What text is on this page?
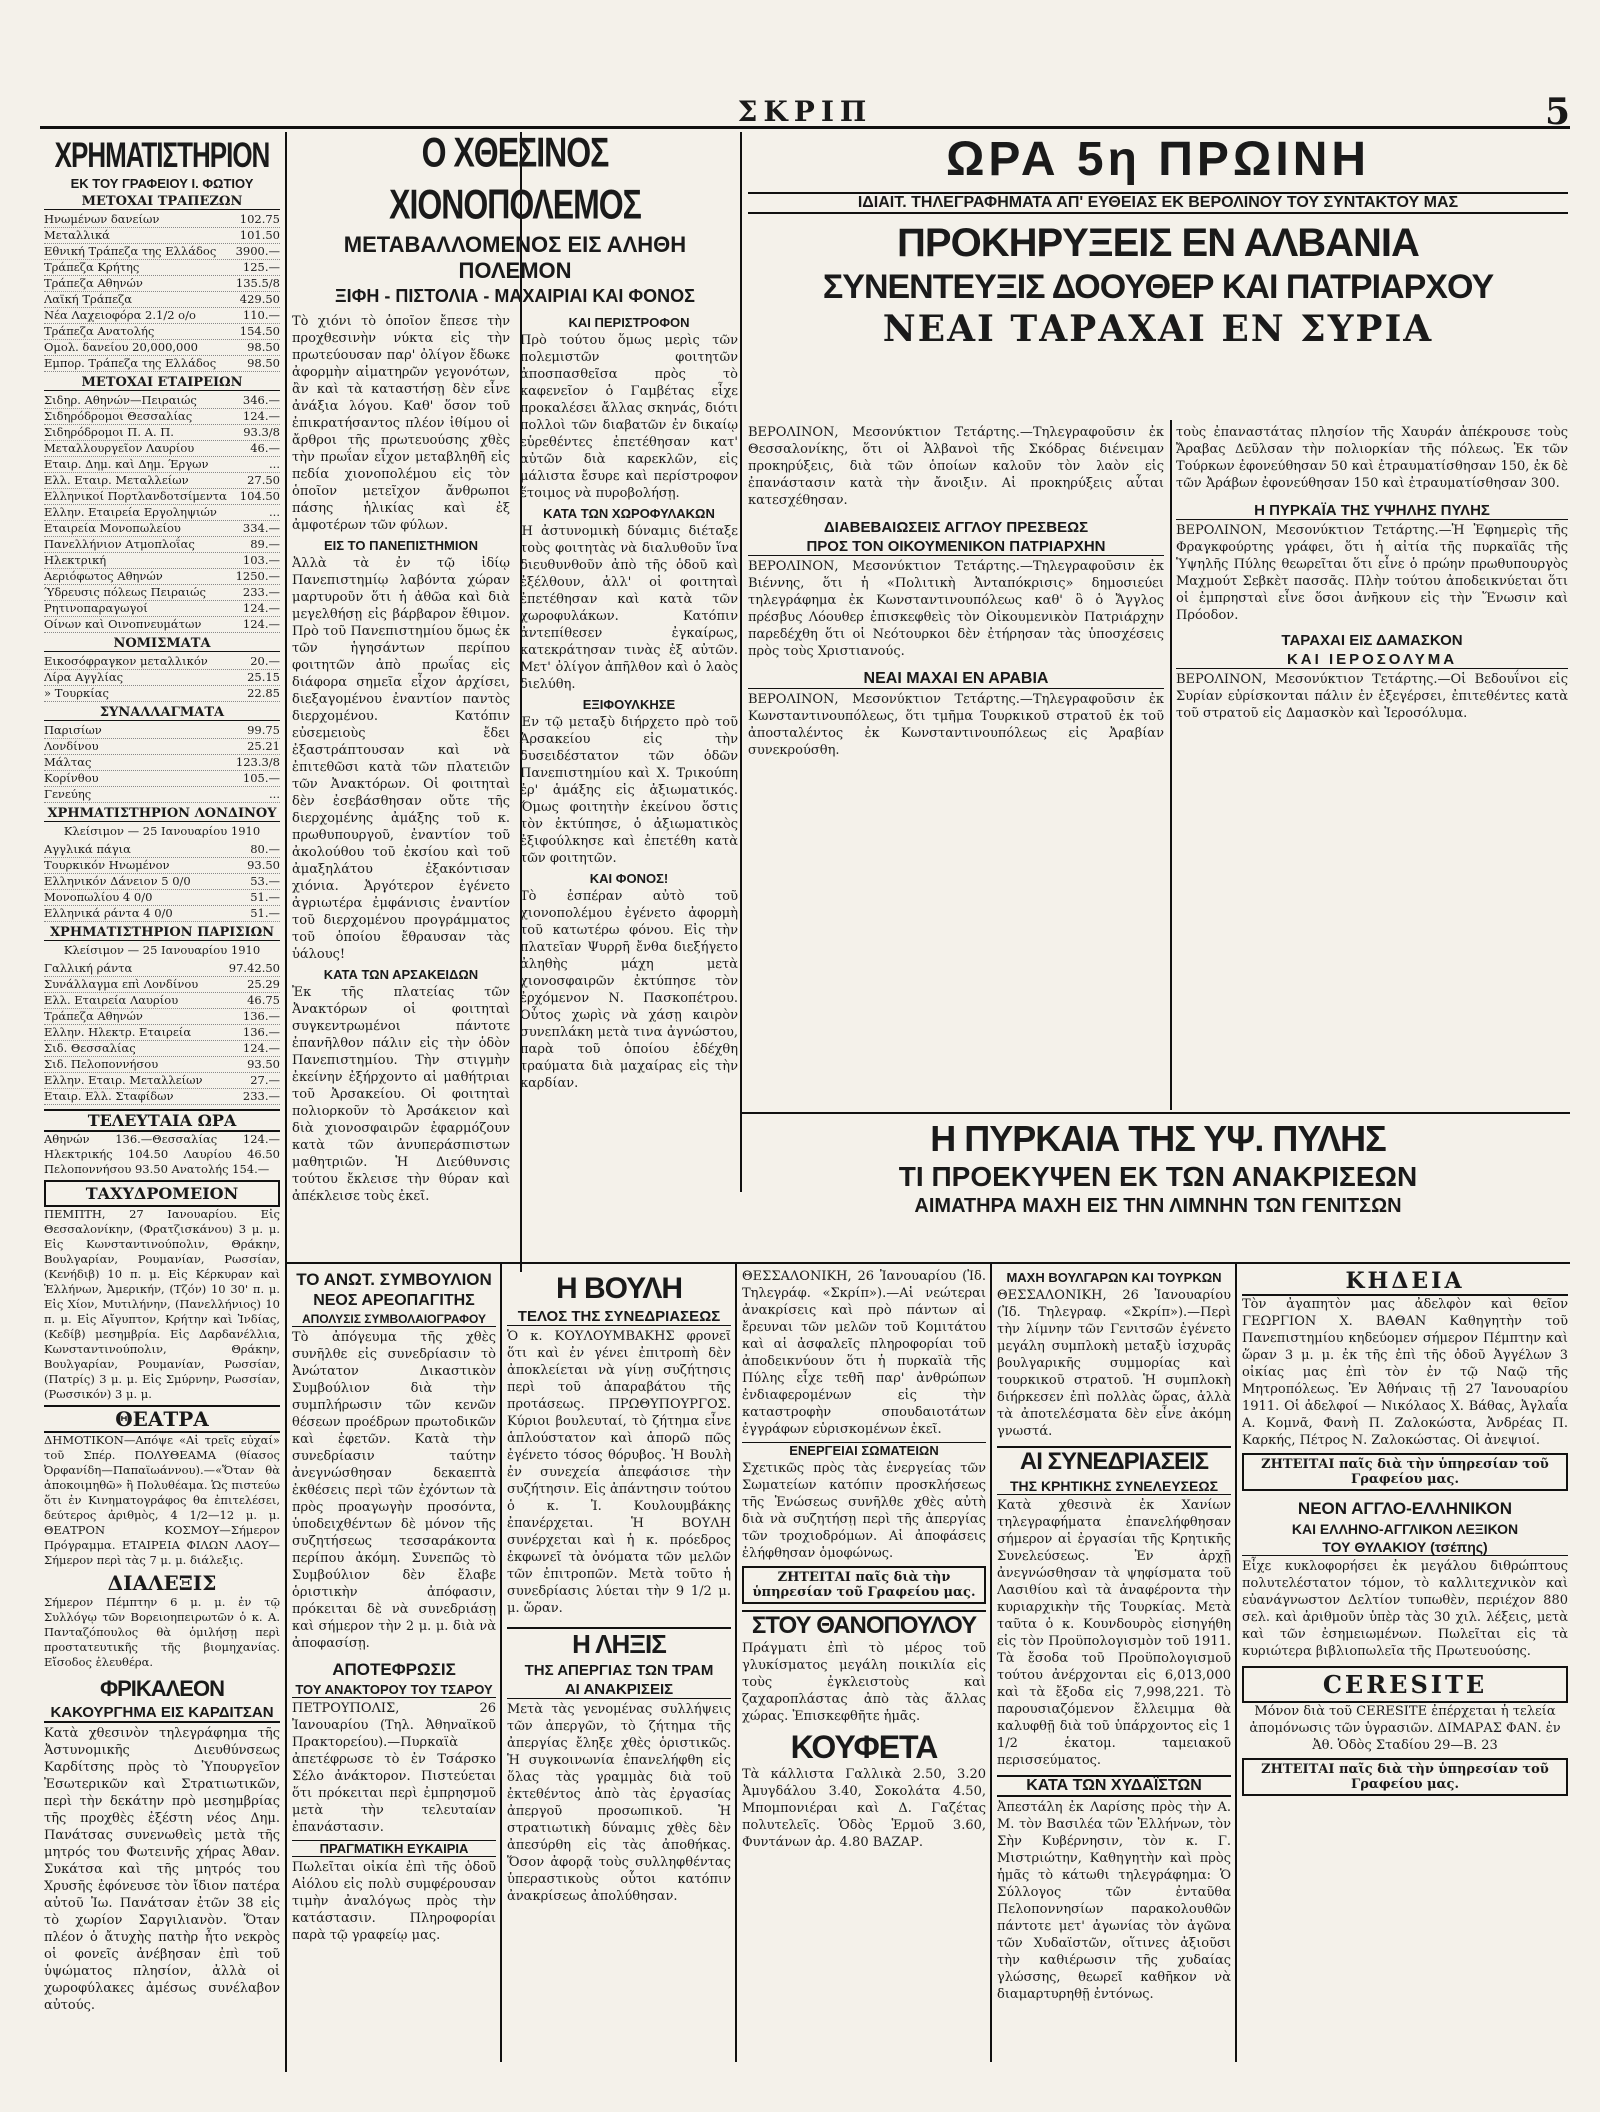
ΣΚΡΙΠ	5
ΧΡΗΜΑΤΙΣΤΗΡΙΟΝ
ΕΚ ΤΟΥ ΓΡΑΦΕΙΟΥ Ι. ΦΩΤΙΟΥ
ΜΕΤΟΧΑΙ ΤΡΑΠΕΖΩΝ
Ηνωμένων δανείων	102.75
Μεταλλικά	101.50
Εθνική Τράπεζα της Ελλάδος 3900.—
Τράπεζα Κρήτης	125.—
Τράπεζα Αθηνών	135.5/8
Λαϊκή Τράπεζα	429.50
Νέα Λαχειοφόρα 2.1/2 ο/ο	110.—
Τράπεζα Ανατολής	154.50
Ομολ. δανείου 20,000,000	98.50
Εμπορ. Τράπεζα της Ελλάδος	98.50
ΜΕΤΟΧΑΙ ΕΤΑΙΡΕΙΩΝ
Σιδηρ. Αθηνών—Πειραιώς	346.—
Σιδηρόδρομοι Θεσσαλίας	124.—
Σιδηρόδρομοι Π. Α. Π.	93.3/8
Μεταλλουργεῖον Λαυρίου	46.—
Εταιρ. Δημ. καὶ Δημ. Έργων	...
Ελλ. Εταιρ. Μεταλλείων	27.50
Ελληνικοί Πορτλανδοτσίμεντα 104.50
Ελλην. Εταιρεία Εργοληψιών	...
Εταιρεία Μονοπωλείου	334.—
Πανελλήνιον Ατμοπλοΐας	89.—
Ηλεκτρική	103.—
Αεριόφωτος Αθηνών	1250.—
Ύδρευσις πόλεως Πειραιώς	233.—
Ρητινοπαραγωγοί	124.—
Οίνων καὶ Οινοπνευμάτων	124.—
ΝΟΜΙΣΜΑΤΑ
Εικοσόφραγκον μεταλλικόν	20.—
Λίρα Αγγλίας	25.15
» Τουρκίας	22.85
ΣΥΝΑΛΛΑΓΜΑΤΑ
Παρισίων	99.75
Λονδίνου	25.21
Μάλτας	123.3/8
Κορίνθου	105.—
Γενεύης	...
ΧΡΗΜΑΤΙΣΤΗΡΙΟΝ ΛΟΝΔΙΝΟΥ
Κλείσιμον — 25 Ιανουαρίου 1910
Αγγλικά πάγια	80.—
Τουρκικόν Ηνωμένον	93.50
Ελληνικόν Δάνειον 5 0/0	53.—
Μονοπωλίου 4 0/0	51.—
Ελληνικά ράντα 4 0/0	51.—
ΧΡΗΜΑΤΙΣΤΗΡΙΟΝ ΠΑΡΙΣΙΩΝ
Κλείσιμον — 25 Ιανουαρίου 1910
Γαλλική ράντα	97.42.50
Συνάλλαγμα επὶ Λονδίνου	25.29
Ελλ. Εταιρεία Λαυρίου	46.75
Τράπεζα Αθηνών	136.—
Ελλην. Ηλεκτρ. Εταιρεία	136.—
Σιδ. Θεσσαλίας	124.—
Σιδ. Πελοποννήσου	93.50
Ελλην. Εταιρ. Μεταλλείων	27.—
Εταιρ. Ελλ. Σταφίδων	233.—
ΤΕΛΕΥΤΑΙΑ ΩΡΑ

Αθηνών 136.—Θεσσαλίας 124.—Ηλεκτρικής 104.50 Λαυρίου 46.50 Πελοποννήσου 93.50 Ανατολής 154.—

ΤΑΧΥΔΡΟΜΕΙΟΝ

ΠΕΜΠΤΗ, 27 Ιανουαρίου. Εἰς Θεσσαλονίκην, (Φρατζισκάνου) 3 μ. μ. Εἰς Κωνσταντινούπολιν, Θράκην, Βουλγαρίαν, Ρουμανίαν, Ρωσσίαν, (Κενήδιβ) 10 π. μ. Εἰς Κέρκυραν καὶ Ἑλλήνων, Ἀμερικήν, (Τζόν) 10 30' π. μ. Εἰς Χίον, Μυτιλήνην, (Πανελλήνιος) 10 π. μ. Εἰς Αἴγυπτον, Κρήτην καὶ Ἰνδίας, (Κεδίβ) μεσημβρία. Εἰς Δαρδανέλλια, Κωνσταντινούπολιν, Θράκην, Βουλγαρίαν, Ρουμανίαν, Ρωσσίαν, (Πατρίς) 3 μ. μ. Εἰς Σμύρνην, Ρωσσίαν, (Ρωσσικόν) 3 μ. μ.

ΘΕΑΤΡΑ

ΔΗΜΟΤΙΚΟΝ—Απόψε «Αἱ τρεῖς εὐχαί» τοῦ Σπέρ. ΠΟΛΥΘΕΑΜΑ (θίασος Ὀρφανίδη—Παπαϊωάννου).—«Ὅταν θὰ ἀποκοιμηθῶ» ἢ Πολυθέαμα. Ὡς πιστεύω ὅτι ἐν Κινηματογράφος θα ἐπιτελέσει, δεύτερος ἀριθμὸς, 4 1/2—12 μ. μ. ΘΕΑΤΡΟΝ ΚΟΣΜΟΥ—Σήμερον Πρόγραμμα. ΕΤΑΙΡΕΙΑ ΦΙΛΩΝ ΛΑΟΥ—Σήμερον περὶ τὰς 7 μ. μ. διάλεξις.

ΔΙΑΛΕΞΙΣ

Σήμερον Πέμπτην 6 μ. μ. ἐν τῷ Συλλόγῳ τῶν Βορειοηπειρωτῶν ὁ κ. Α. Πανταζόπουλος θὰ ὁμιλήσῃ περὶ προστατευτικῆς τῆς βιομηχανίας. Εἴσοδος ἐλευθέρα.

ΦΡΙΚΑΛΕΟΝ
ΚΑΚΟΥΡΓΗΜΑ ΕΙΣ ΚΑΡΔΙΤΣΑΝ

Κατὰ χθεσινὸν τηλεγράφημα τῆς Ἀστυνομικῆς Διευθύνσεως Καρδίτσης πρὸς τὸ Ὑπουργεῖον Ἐσωτερικῶν καὶ Στρατιωτικῶν, περὶ τὴν δεκάτην πρὸ μεσημβρίας τῆς προχθὲς ἐξέστη νέος Δημ. Πανάτσας συνενωθεὶς μετὰ τῆς μητρός του Φωτεινῆς χήρας Ἀθαν. Συκάτσα καὶ τῆς μητρός του Χρυσῆς ἐφόνευσε τὸν ἴδιον πατέρα αὐτοῦ Ἰω. Πανάτσαν ἐτῶν 38 εἰς τὸ χωρίον Σαργιλιανὸν. Ὅταν πλέον ὁ ἄτυχὴς πατὴρ ἦτο νεκρὸς οἱ φονεῖς ἀνέβησαν ἐπὶ τοῦ ὑψώματος πλησίον, ἀλλὰ οἱ χωροφύλακες ἀμέσως συνέλαβον αὐτούς.

Ο ΧΘΕΣΙΝΟΣ ΧΙΟΝΟΠΟΛΕΜΟΣ
ΜΕΤΑΒΑΛΛΟΜΕΝΟΣ ΕΙΣ ΑΛΗΘΗ ΠΟΛΕΜΟΝ
ΞΙΦΗ - ΠΙΣΤΟΛΙΑ - ΜΑΧΑΙΡΙΑΙ ΚΑΙ ΦΟΝΟΣ

Τὸ χιόνι τὸ ὁποῖον ἔπεσε τὴν προχθεσινὴν νύκτα εἰς τὴν πρωτεύουσαν παρ' ὀλίγον ἔδωκε ἀφορμὴν αἱματηρῶν γεγονότων, ἂν καὶ τὰ καταστήσῃ δὲν εἶνε ἀνάξια λόγου. Καθ' ὅσον τοῦ ἐπικρατήσαντος πλέον ἰθίμου οἱ ἄρθροι τῆς πρωτευούσης χθὲς τὴν πρωΐαν εἶχον μεταβληθῆ εἰς πεδία χιονοπολέμου εἰς τὸν ὁποῖον μετεῖχον ἄνθρωποι πάσης ἡλικίας καὶ ἐξ ἀμφοτέρων τῶν φύλων.

ΕΙΣ ΤΟ ΠΑΝΕΠΙΣΤΗΜΙΟΝ

Ἀλλὰ τὰ ἐν τῷ ἰδίῳ Πανεπιστημίῳ λαβόντα χώραν μαρτυροῦν ὅτι ἡ ἀθῶα καὶ διὰ μεγελθήσῃ εἰς βάρβαρον ἔθιμον. Πρὸ τοῦ Πανεπιστημίου ὅμως ἐκ τῶν ἡγησάντων περίπου φοιτητῶν ἀπὸ πρωΐας εἰς διάφορα σημεῖα εἶχον ἀρχίσει, διεξαγομένου ἐναντίον παντὸς διερχομένου. Κατόπιν εὐσεμειοὺς ἔδει ἐξαστράπτουσαν καὶ νὰ ἐπιτεθῶσι κατὰ τῶν πλατειῶν τῶν Ἀνακτόρων. Οἱ φοιτηταὶ δὲν ἐσεβάσθησαν οὔτε τῆς διερχομένης ἀμάξης τοῦ κ. πρωθυπουργοῦ, ἐναντίον τοῦ ἀκολούθου τοῦ ἐκσίου καὶ τοῦ ἀμαξηλάτου ἐξακόντισαν χιόνια. Ἀργότερον ἐγένετο ἀγριωτέρα ἐμφάνισις ἐναντίον τοῦ διερχομένου προγράμματος τοῦ ὁποίου ἔθραυσαν τὰς ὑάλους!

ΚΑΤΑ ΤΩΝ ΑΡΣΑΚΕΙΔΩΝ

Ἐκ τῆς πλατείας τῶν Ἀνακτόρων οἱ φοιτηταὶ συγκεντρωμένοι πάντοτε ἐπανῆλθον πάλιν εἰς τὴν ὁδὸν Πανεπιστημίου. Τὴν στιγμὴν ἐκείνην ἐξήρχοντο αἱ μαθήτριαι τοῦ Ἀρσακείου. Οἱ φοιτηταὶ πολιορκοῦν τὸ Ἀρσάκειον καὶ διὰ χιονοσφαιρῶν ἐφαρμόζουν κατὰ τῶν ἀνυπεράσπιστων μαθητριῶν. Ἡ Διεύθυνσις τούτου ἔκλεισε τὴν θύραν καὶ ἀπέκλεισε τοὺς ἐκεῖ.

ΚΑΙ ΠΕΡΙΣΤΡΟΦΟΝ

Πρὸ τούτου ὅμως μερὶς τῶν πολεμιστῶν φοιτητῶν ἀποσπασθεῖσα πρὸς τὸ καφενεῖον ὁ Γαμβέτας εἶχε προκαλέσει ἄλλας σκηνάς, διότι πολλοὶ τῶν διαβατῶν ἐν δικαίῳ εὑρεθέντες ἐπετέθησαν κατ' αὐτῶν διὰ καρεκλῶν, εἰς μάλιστα ἔσυρε καὶ περίστροφον ἕτοιμος νὰ πυροβολήσῃ.

ΚΑΤΑ ΤΩΝ ΧΩΡΟΦΥΛΑΚΩΝ

Ἡ ἀστυνομικὴ δύναμις διέταξε τοὺς φοιτητὰς νὰ διαλυθοῦν ἵνα διευθυνθοῦν ἀπὸ τῆς ὁδοῦ καὶ ἐξέλθουν, ἀλλ' οἱ φοιτηταὶ ἐπετέθησαν καὶ κατὰ τῶν χωροφυλάκων. Κατόπιν ἀντεπίθεσεν ἐγκαίρως, κατεκράτησαν τινὰς ἐξ αὐτῶν. Μετ' ὀλίγον ἀπῆλθον καὶ ὁ λαὸς διελύθη.

ΕΞΙΦΟΥΛΚΗΣΕ

Ἐν τῷ μεταξὺ διήρχετο πρὸ τοῦ Ἀρσακείου εἰς τὴν δυσειδέστατον τῶν ὁδῶν Πανεπιστημίου καὶ Χ. Τρικούπη ἐρ' ἁμάξης εἰς ἀξιωματικός. Ὅμως φοιτητὴν ἐκείνου ὅστις τὸν ἐκτύπησε, ὁ ἀξιωματικὸς ἐξιφούλκησε καὶ ἐπετέθη κατὰ τῶν φοιτητῶν.

ΚΑΙ ΦΟΝΟΣ!

Τὸ ἑσπέραν αὐτὸ τοῦ χιονοπολέμου ἐγένετο ἀφορμὴ τοῦ κατωτέρω φόνου. Εἰς τὴν πλατεῖαν Ψυρρῆ ἔνθα διεξήγετο ἀληθὴς μάχη μετὰ χιονοσφαιρῶν ἐκτύπησε τὸν ἐρχόμενον Ν. Πασκοπέτρου. Οὗτος χωρὶς νὰ χάσῃ καιρὸν συνεπλάκη μετὰ τινα ἀγνώστου, παρὰ τοῦ ὁποίου ἐδέχθη τραύματα διὰ μαχαίρας εἰς τὴν καρδίαν.

ΤΟ ΑΝΩΤ. ΣΥΜΒΟΥΛΙΟΝ
ΝΕΟΣ ΑΡΕΟΠΑΓΙΤΗΣ
ΑΠΟΛΥΣΙΣ ΣΥΜΒΟΛΑΙΟΓΡΑΦΟΥ

Τὸ ἀπόγευμα τῆς χθὲς συνῆλθε εἰς συνεδρίασιν τὸ Ἀνώτατον Δικαστικὸν Συμβούλιον διὰ τὴν συμπλήρωσιν τῶν κενῶν θέσεων προέδρων πρωτοδικῶν καὶ ἐφετῶν. Κατὰ τὴν συνεδρίασιν ταύτην ἀνεγνώσθησαν δεκαεπτὰ ἐκθέσεις περὶ τῶν ἐχόντων τὰ πρὸς προαγωγὴν προσόντα, ὑποδειχθέντων δὲ μόνον τῆς συζητήσεως τεσσαράκοντα περίπου ἀκόμη. Συνεπῶς τὸ Συμβούλιον δὲν ἔλαβε ὁριστικὴν ἀπόφασιν, πρόκειται δὲ νὰ συνεδριάσῃ καὶ σήμερον τὴν 2 μ. μ. διὰ νὰ ἀποφασίσῃ.

ΑΠΟΤΕΦΡΩΣΙΣ
ΤΟΥ ΑΝΑΚΤΟΡΟΥ ΤΟΥ ΤΣΑΡΟΥ

ΠΕΤΡΟΥΠΟΛΙΣ, 26 Ἰανουαρίου (Τηλ. Ἀθηναϊκοῦ Πρακτορείου).—Πυρκαϊὰ ἀπετέφρωσε τὸ ἐν Τσάρσκο Σέλο ἀνάκτορον. Πιστεύεται ὅτι πρόκειται περὶ ἐμπρησμοῦ μετὰ τὴν τελευταίαν ἐπανάστασιν.

ΠΡΑΓΜΑΤΙΚΗ ΕΥΚΑΙΡΙΑ

Πωλεῖται οἰκία ἐπὶ τῆς ὁδοῦ Αἰόλου εἰς πολὺ συμφέρουσαν τιμὴν ἀναλόγως πρὸς τὴν κατάστασιν. Πληροφορίαι παρὰ τῷ γραφείῳ μας.

Η ΒΟΥΛΗ
ΤΕΛΟΣ ΤΗΣ ΣΥΝΕΔΡΙΑΣΕΩΣ

Ὁ κ. ΚΟΥΛΟΥΜΒΑΚΗΣ φρονεῖ ὅτι καὶ ἐν γένει ἐπιτροπὴ δὲν ἀποκλείεται νὰ γίνῃ συζήτησις περὶ τοῦ ἀπαραβάτου τῆς προτάσεως. ΠΡΩΘΥΠΟΥΡΓΟΣ. Κύριοι βουλευταί, τὸ ζήτημα εἶνε ἁπλούστατον καὶ ἀπορῶ πῶς ἐγένετο τόσος θόρυβος. Ἡ Βουλὴ ἐν συνεχεία ἀπεφάσισε τὴν συζήτησιν. Εἰς ἀπάντησιν τούτου ὁ κ. Ἰ. Κουλουμβάκης ἐπανέρχεται. Ἡ ΒΟΥΛΗ συνέρχεται καὶ ἡ κ. πρόεδρος ἐκφωνεῖ τὰ ὀνόματα τῶν μελῶν τῶν ἐπιτροπῶν. Μετὰ τοῦτο ἡ συνεδρίασις λύεται τὴν 9 1/2 μ. μ. ὥραν.

Η ΛΗΞΙΣ
ΤΗΣ ΑΠΕΡΓΙΑΣ ΤΩΝ ΤΡΑΜ
ΑΙ ΑΝΑΚΡΙΣΕΙΣ

Μετὰ τὰς γενομένας συλλήψεις τῶν ἀπεργῶν, τὸ ζήτημα τῆς ἀπεργίας ἔληξε χθὲς ὁριστικῶς. Ἡ συγκοινωνία ἐπανελήφθη εἰς ὅλας τὰς γραμμὰς διὰ τοῦ ἐκτεθέντος ἀπὸ τὰς ἐργασίας ἀπεργοῦ προσωπικοῦ. Ἡ στρατιωτικὴ δύναμις χθὲς δὲν ἀπεσύρθη εἰς τὰς ἀποθήκας. Ὅσον ἀφορᾷ τοὺς συλληφθέντας ὑπεραστικοὺς οὗτοι κατόπιν ἀνακρίσεως ἀπολύθησαν.

ΩΡΑ 5η ΠΡΩΙΝΗ
ΙΔΙΑΙΤ. ΤΗΛΕΓΡΑΦΗΜΑΤΑ ΑΠ' ΕΥΘΕΙΑΣ ΕΚ ΒΕΡΟΛΙΝΟΥ ΤΟΥ ΣΥΝΤΑΚΤΟΥ ΜΑΣ
ΠΡΟΚΗΡΥΞΕΙΣ ΕΝ ΑΛΒΑΝΙΑ
ΣΥΝΕΝΤΕΥΞΙΣ ΔΟΟΥΘΕΡ ΚΑΙ ΠΑΤΡΙΑΡΧΟΥ
ΝΕΑΙ ΤΑΡΑΧΑΙ ΕΝ ΣΥΡΙΑ

ΒΕΡΟΛΙΝΟΝ, Μεσονύκτιον Τετάρτης.—Τηλεγραφοῦσιν ἐκ Θεσσαλονίκης, ὅτι οἱ Ἀλβανοὶ τῆς Σκόδρας διένειμαν προκηρύξεις, διὰ τῶν ὁποίων καλοῦν τὸν λαὸν εἰς ἐπανάστασιν κατὰ τὴν ἄνοιξιν. Αἱ προκηρύξεις αὗται κατεσχέθησαν.

ΔΙΑΒΕΒΑΙΩΣΕΙΣ ΑΓΓΛΟΥ ΠΡΕΣΒΕΩΣ
ΠΡΟΣ ΤΟΝ ΟΙΚΟΥΜΕΝΙΚΟΝ ΠΑΤΡΙΑΡΧΗΝ

ΒΕΡΟΛΙΝΟΝ, Μεσονύκτιον Τετάρτης.—Τηλεγραφοῦσιν ἐκ Βιέννης, ὅτι ἡ «Πολιτικὴ Ἀνταπόκρισις» δημοσιεύει τηλεγράφημα ἐκ Κωνσταντινουπόλεως καθ' ὃ ὁ Ἄγγλος πρέσβυς Λόουθερ ἐπισκεφθεὶς τὸν Οἰκουμενικὸν Πατριάρχην παρεδέχθη ὅτι οἱ Νεότουρκοι δὲν ἐτήρησαν τὰς ὑποσχέσεις πρὸς τοὺς Χριστιανούς.

ΝΕΑΙ ΜΑΧΑΙ ΕΝ ΑΡΑΒΙΑ

ΒΕΡΟΛΙΝΟΝ, Μεσονύκτιον Τετάρτης.—Τηλεγραφοῦσιν ἐκ Κωνσταντινουπόλεως, ὅτι τμῆμα Τουρκικοῦ στρατοῦ ἐκ τοῦ ἀποσταλέντος ἐκ Κωνσταντινουπόλεως εἰς Ἀραβίαν συνεκρούσθη.

τοὺς ἐπαναστάτας πλησίον τῆς Χαυράν ἀπέκρουσε τοὺς Ἄραβας Δεῦλσαν τὴν πολιορκίαν τῆς πόλεως. Ἐκ τῶν Τούρκων ἐφονεύθησαν 50 καὶ ἐτραυματίσθησαν 150, ἐκ δὲ τῶν Ἀράβων ἐφονεύθησαν 150 καὶ ἐτραυματίσθησαν 300.

Η ΠΥΡΚΑΪΑ ΤΗΣ ΥΨΗΛΗΣ ΠΥΛΗΣ

ΒΕΡΟΛΙΝΟΝ, Μεσονύκτιον Τετάρτης.—Ἡ Ἐφημερὶς τῆς Φραγκφούρτης γράφει, ὅτι ἡ αἰτία τῆς πυρκαϊᾶς τῆς Ὑψηλῆς Πύλης θεωρεῖται ὅτι εἶνε ὁ πρώην πρωθυπουργὸς Μαχμούτ Σεβκὲτ πασσᾶς. Πλὴν τούτου ἀποδεικνύεται ὅτι οἱ ἐμπρησταὶ εἶνε ὅσοι ἀνῆκουν εἰς τὴν Ἕνωσιν καὶ Πρόοδον.

ΤΑΡΑΧΑΙ ΕΙΣ ΔΑΜΑΣΚΟΝ
ΚΑΙ ΙΕΡΟΣΟΛΥΜΑ

ΒΕΡΟΛΙΝΟΝ, Μεσονύκτιον Τετάρτης.—Οἱ Βεδουΐνοι εἰς Συρίαν εὑρίσκονται πάλιν ἐν ἐξεγέρσει, ἐπιτεθέντες κατὰ τοῦ στρατοῦ εἰς Δαμασκὸν καὶ Ἱεροσόλυμα.

Η ΠΥΡΚΑΙΑ ΤΗΣ ΥΨ. ΠΥΛΗΣ
ΤΙ ΠΡΟΕΚΥΨΕΝ ΕΚ ΤΩΝ ΑΝΑΚΡΙΣΕΩΝ
ΑΙΜΑΤΗΡΑ ΜΑΧΗ ΕΙΣ ΤΗΝ ΛΙΜΝΗΝ ΤΩΝ ΓΕΝΙΤΣΩΝ

ΘΕΣΣΑΛΟΝΙΚΗ, 26 Ἰανουαρίου (Ἰδ. Τηλεγράφ. «Σκρίπ»).—Αἱ νεώτεραι ἀνακρίσεις καὶ πρὸ πάντων αἱ ἔρευναι τῶν μελῶν τοῦ Κομιτάτου καὶ αἱ ἀσφαλεῖς πληροφορίαι τοῦ ἀποδεικνύουν ὅτι ἡ πυρκαϊὰ τῆς Πύλης εἶχε τεθῆ παρ' ἀνθρώπων ἐνδιαφερομένων εἰς τὴν καταστροφὴν σπουδαιοτάτων ἐγγράφων εὑρισκομένων ἐκεῖ.

ΕΝΕΡΓΕΙΑΙ ΣΩΜΑΤΕΙΩΝ

Σχετικῶς πρὸς τὰς ἐνεργείας τῶν Σωματείων κατόπιν προσκλήσεως τῆς Ἑνώσεως συνῆλθε χθὲς αὐτὴ διὰ νὰ συζητήσῃ περὶ τῆς ἀπεργίας τῶν τροχιοδρόμων. Αἱ ἀποφάσεις ἐλήφθησαν ὁμοφώνως.

ΖΗΤΕΙΤΑΙ παῖς διὰ τὴν ὑπηρεσίαν τοῦ Γραφείου μας.
ΣΤΟΥ ΘΑΝΟΠΟΥΛΟΥ

Πράγματι ἐπὶ τὸ μέρος τοῦ γλυκίσματος μεγάλη ποικιλία εἰς τοὺς ἐγκλειστοὺς καὶ ζαχαροπλάστας ἀπὸ τὰς ἄλλας χώρας. Ἐπισκεφθῆτε ἡμᾶς.

ΚΟΥΦΕΤΑ

Τὰ κάλλιστα Γαλλικὰ 2.50, 3.20 Ἀμυγδάλου 3.40, Σοκολάτα 4.50, Μπομπονιέραι καὶ Δ. Γαζέτας πολυτελεῖς. Ὁδὸς Ἑρμοῦ 3.60, Φυντάνων ἀρ. 4.80 ΒΑΖΑΡ.

ΜΑΧΗ ΒΟΥΛΓΑΡΩΝ ΚΑΙ ΤΟΥΡΚΩΝ

ΘΕΣΣΑΛΟΝΙΚΗ, 26 Ἰανουαρίου (Ἰδ. Τηλεγραφ. «Σκρίπ»).—Περὶ τὴν λίμνην τῶν Γενιτσῶν ἐγένετο μεγάλη συμπλοκὴ μεταξὺ ἰσχυρᾶς βουλγαρικῆς συμμορίας καὶ τουρκικοῦ στρατοῦ. Ἡ συμπλοκὴ διήρκεσεν ἐπὶ πολλὰς ὥρας, ἀλλὰ τὰ ἀποτελέσματα δὲν εἶνε ἀκόμη γνωστά.

ΑΙ ΣΥΝΕΔΡΙΑΣΕΙΣ
ΤΗΣ ΚΡΗΤΙΚΗΣ ΣΥΝΕΛΕΥΣΕΩΣ

Κατὰ χθεσινὰ ἐκ Χανίων τηλεγραφήματα ἐπανελήφθησαν σήμερον αἱ ἐργασίαι τῆς Κρητικῆς Συνελεύσεως. Ἐν ἀρχῇ ἀνεγνώσθησαν τὰ ψηφίσματα τοῦ Λασιθίου καὶ τὰ ἀναφέροντα τὴν κυριαρχικὴν τῆς Τουρκίας. Μετὰ ταῦτα ὁ κ. Κουνδουρὸς εἰσηγήθη εἰς τὸν Προϋπολογισμὸν τοῦ 1911. Τὰ ἔσοδα τοῦ Προϋπολογισμοῦ τούτου ἀνέρχονται εἰς 6,013,000 καὶ τὰ ἔξοδα εἰς 7,998,221. Τὸ παρουσιαζόμενον ἔλλειμμα θὰ καλυφθῇ διὰ τοῦ ὑπάρχοντος εἰς 1 1/2 ἑκατομ. ταμειακοῦ περισσεύματος.

ΚΑΤΑ ΤΩΝ ΧΥΔΑΪΣΤΩΝ

Ἀπεστάλη ἐκ Λαρίσης πρὸς τὴν Α. Μ. τὸν Βασιλέα τῶν Ἑλλήνων, τὸν Σὴν Κυβέρνησιν, τὸν κ. Γ. Μιστριώτην, Καθηγητὴν καὶ πρὸς ἡμᾶς τὸ κάτωθι τηλεγράφημα: Ὁ Σύλλογος τῶν ἐνταῦθα Πελοποννησίων παρακολουθῶν πάντοτε μετ' ἀγωνίας τὸν ἀγῶνα τῶν Χυδαϊστῶν, οἵτινες ἀξιοῦσι τὴν καθιέρωσιν τῆς χυδαίας γλώσσης, θεωρεῖ καθῆκον νὰ διαμαρτυρηθῇ ἐντόνως.

ΚΗΔΕΙΑ

Τὸν ἀγαπητὸν μας ἀδελφὸν καὶ θεῖον ΓΕΩΡΓΙΟΝ Χ. ΒΑΘΑΝ Καθηγητὴν τοῦ Πανεπιστημίου κηδεύομεν σήμερον Πέμπτην καὶ ὥραν 3 μ. μ. ἐκ τῆς ἐπὶ τῆς ὁδοῦ Ἀγγέλων 3 οἰκίας μας ἐπὶ τὸν ἐν τῷ Ναῷ τῆς Μητροπόλεως. Ἐν Ἀθήναις τῇ 27 Ἰανουαρίου 1911. Οἱ ἀδελφοί — Νικόλαος Χ. Βάθας, Ἀγλαΐα Α. Κομνᾶ, Φανὴ Π. Ζαλοκώστα, Ἀνδρέας Π. Καρκής, Πέτρος Ν. Ζαλοκώστας. Οἱ ἀνεψιοί.

ΖΗΤΕΙΤΑΙ παῖς διὰ τὴν ὑπηρεσίαν τοῦ Γραφείου μας.
ΝΕΟΝ ΑΓΓΛΟ-ΕΛΛΗΝΙΚΟΝ
ΚΑΙ ΕΛΛΗΝΟ-ΑΓΓΛΙΚΟΝ ΛΕΞΙΚΟΝ
ΤΟΥ ΘΥΛΑΚΙΟΥ (τσέπης)

Εἶχε κυκλοφορήσει ἐκ μεγάλου διθρώπτους πολυτελέστατον τόμον, τὸ καλλιτεχνικὸν καὶ εὐανάγνωστον Δελτίον τυπωθὲν, περιέχον 880 σελ. καὶ ἀριθμοῦν ὑπὲρ τὰς 30 χιλ. λέξεις, μετὰ καὶ τῶν ἐσημειωμένων. Πωλεῖται εἰς τὰ κυριώτερα βιβλιοπωλεῖα τῆς Πρωτευούσης.

CERESITE

Μόνον διὰ τοῦ CERESITE ἐπέρχεται ἡ τελεία ἀπομόνωσις τῶν ὑγρασιῶν. ΔΙΜΑΡΑΣ ΦΑΝ. ἐν Ἀθ. Ὁδὸς Σταδίου 29—Β. 23

ΖΗΤΕΙΤΑΙ παῖς διὰ τὴν ὑπηρεσίαν τοῦ Γραφείου μας.
